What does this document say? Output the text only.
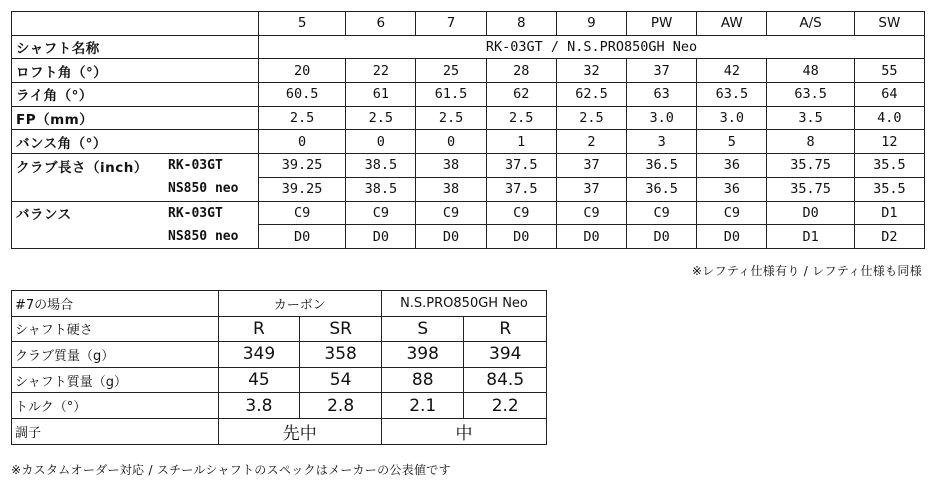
		5	6	7	8	9	PW	AW	A/S	SW
シャフト名称		RK-03GT / N.S.PRO850GH Neo								
ロフト角（°）		20	22	25	28	32	37	42	48	55
ライ角（°）		60.5	61	61.5	62	62.5	63	63.5	63.5	64
FP（mm）		2.5	2.5	2.5	2.5	2.5	3.0	3.0	3.5	4.0
バンス角（°）		0	0	0	1	2	3	5	8	12
クラブ長さ（inch）	RK-03GT	39.25	38.5	38	37.5	37	36.5	36	35.75	35.5
	NS850 neo	39.25	38.5	38	37.5	37	36.5	36	35.75	35.5
バランス	RK-03GT	C9	C9	C9	C9	C9	C9	C9	D0	D1
	NS850 neo	D0	D0	D0	D0	D0	D0	D0	D1	D2
※レフティ仕様有り / レフティ仕様も同様
#7の場合	カーボン		N.S.PRO850GH Neo	
シャフト硬さ	R	SR	S	R
クラブ質量（g）	349	358	398	394
シャフト質量（g）	45	54	88	84.5
トルク（°）	3.8	2.8	2.1	2.2
調子	先中		中	
※カスタムオーダー対応 / スチールシャフトのスペックはメーカーの公表値です
